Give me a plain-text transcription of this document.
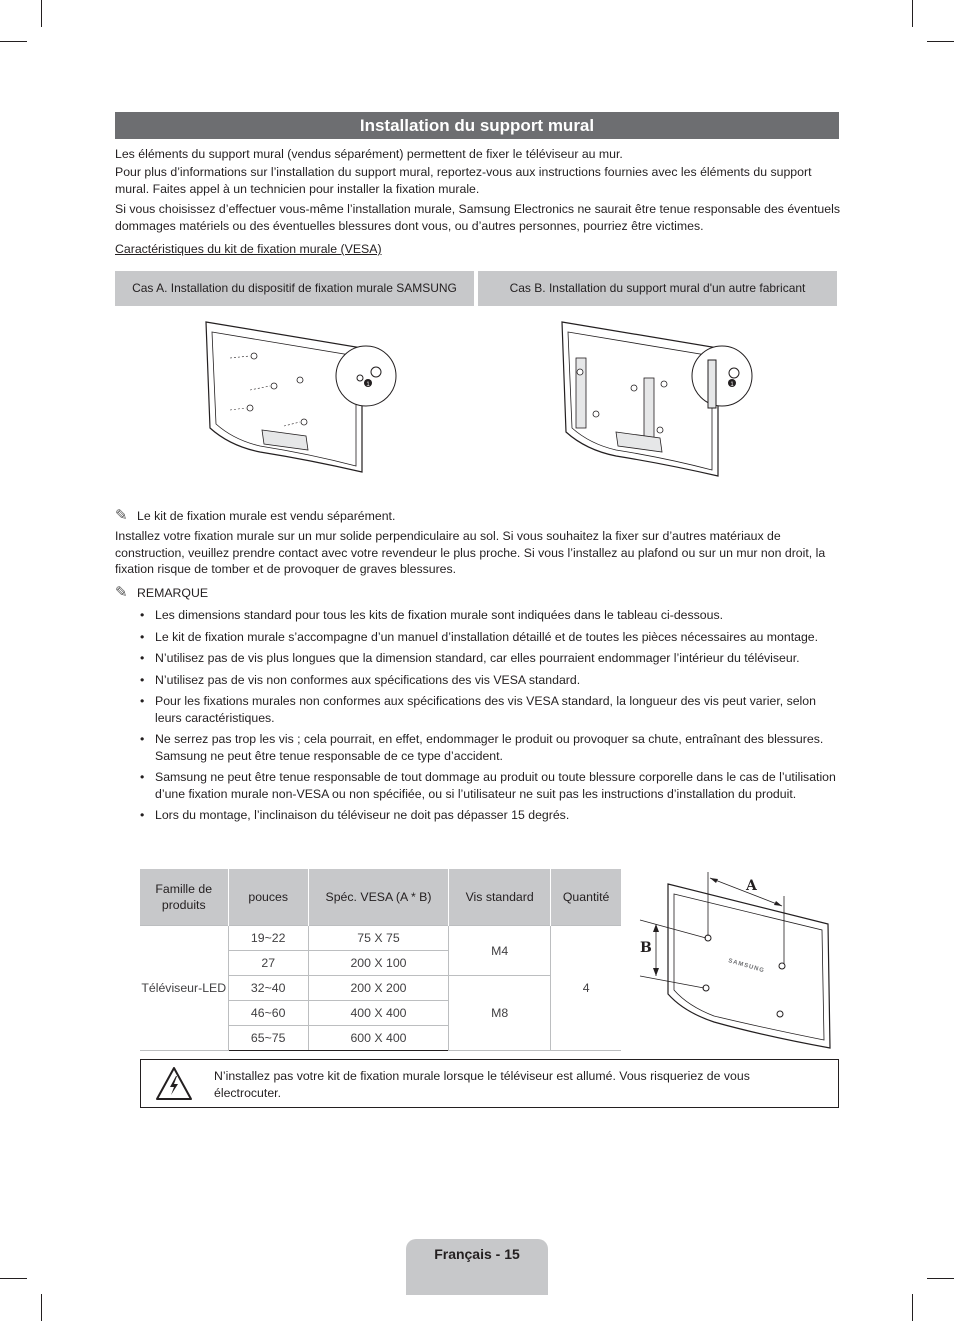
Installation du support mural

Les éléments du support mural (vendus séparément) permettent de fixer le téléviseur au mur.

Pour plus d’informations sur l’installation du support mural, reportez-vous aux instructions fournies avec les éléments du support mural. Faites appel à un technicien pour installer la fixation murale.

Si vous choisissez d’effectuer vous-même l’installation murale, Samsung Electronics ne saurait être tenue responsable des éventuels dommages matériels ou des éventuelles blessures dont vous, ou d’autres personnes, pourriez être victimes.

Caractéristiques du kit de fixation murale (VESA)
Cas A. Installation du dispositif de fixation murale SAMSUNG	Cas B. Installation du support mural d'un autre fabricant
1	1
✎ Le kit de fixation murale est vendu séparément.

Installez votre fixation murale sur un mur solide perpendiculaire au sol. Si vous souhaitez la fixer sur d’autres matériaux de construction, veuillez prendre contact avec votre revendeur le plus proche. Si vous l’installez au plafond ou sur un mur non droit, la fixation risque de tomber et de provoquer de graves blessures.

✎ REMARQUE
• Les dimensions standard pour tous les kits de fixation murale sont indiquées dans le tableau ci-dessous.
• Le kit de fixation murale s’accompagne d’un manuel d’installation détaillé et de toutes les pièces nécessaires au montage.
• N’utilisez pas de vis plus longues que la dimension standard, car elles pourraient endommager l’intérieur du téléviseur.
• N’utilisez pas de vis non conformes aux spécifications des vis VESA standard.
• Pour les fixations murales non conformes aux spécifications des vis VESA standard, la longueur des vis peut varier, selon leurs caractéristiques.
• Ne serrez pas trop les vis ; cela pourrait, en effet, endommager le produit ou provoquer sa chute, entraînant des blessures. Samsung ne peut être tenue responsable de ce type d’accident.
• Samsung ne peut être tenue responsable de tout dommage au produit ou toute blessure corporelle dans le cas de l’utilisation d’une fixation murale non-VESA ou non spécifiée, ou si l’utilisateur ne suit pas les instructions d’installation du produit.
• Lors du montage, l’inclinaison du téléviseur ne doit pas dépasser 15 degrés.
Famille de produits	pouces	Spéc. VESA (A * B)	Vis standard	Quantité
Téléviseur-LED	19~22	75 X 75	M4	4
	27	200 X 100		
	32~40	200 X 200	M8	
	46~60	400 X 400		
	65~75	600 X 400		
A
B
SAMSUNG
N’installez pas votre kit de fixation murale lorsque le téléviseur est allumé. Vous risqueriez de vous électrocuter.
Français - 15
